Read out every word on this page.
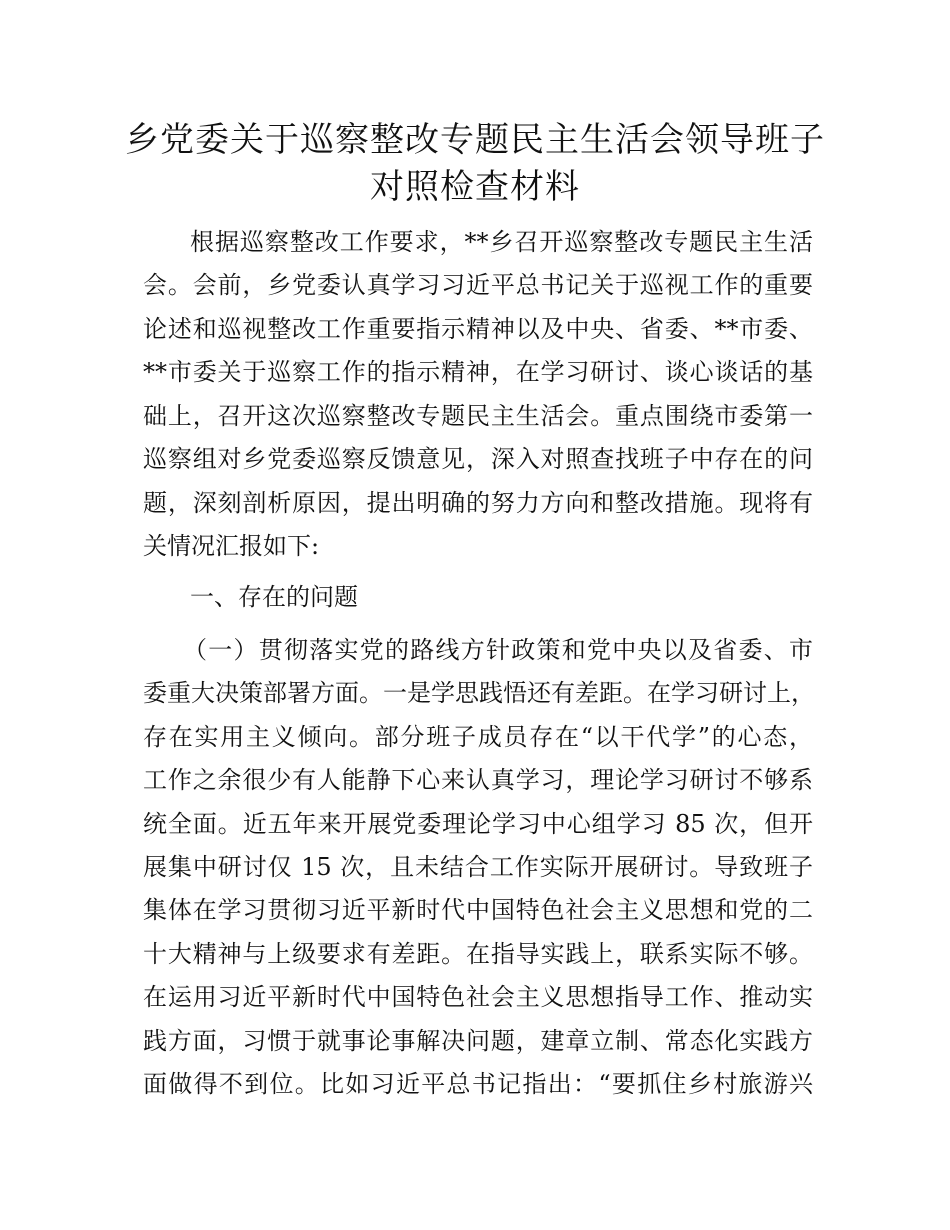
乡党委关于巡察整改专题民主生活会领导班子
对照检查材料
根据巡察整改工作要求，**乡召开巡察整改专题民主生活
会。会前，乡党委认真学习习近平总书记关于巡视工作的重要
论述和巡视整改工作重要指示精神以及中央、省委、**市委、
**市委关于巡察工作的指示精神，在学习研讨、谈心谈话的基
础上，召开这次巡察整改专题民主生活会。重点围绕市委第一
巡察组对乡党委巡察反馈意见，深入对照查找班子中存在的问
题，深刻剖析原因，提出明确的努力方向和整改措施。现将有
关情况汇报如下:
一、存在的问题
（一）贯彻落实党的路线方针政策和党中央以及省委、市
委重大决策部署方面。一是学思践悟还有差距。在学习研讨上，
存在实用主义倾向。部分班子成员存在“以干代学”的心态，
工作之余很少有人能静下心来认真学习，理论学习研讨不够系
统全面。近五年来开展党委理论学习中心组学习 85 次，但开
展集中研讨仅 15 次，且未结合工作实际开展研讨。导致班子
集体在学习贯彻习近平新时代中国特色社会主义思想和党的二
十大精神与上级要求有差距。在指导实践上，联系实际不够。
在运用习近平新时代中国特色社会主义思想指导工作、推动实
践方面，习惯于就事论事解决问题，建章立制、常态化实践方
面做得不到位。比如习近平总书记指出：“要抓住乡村旅游兴
